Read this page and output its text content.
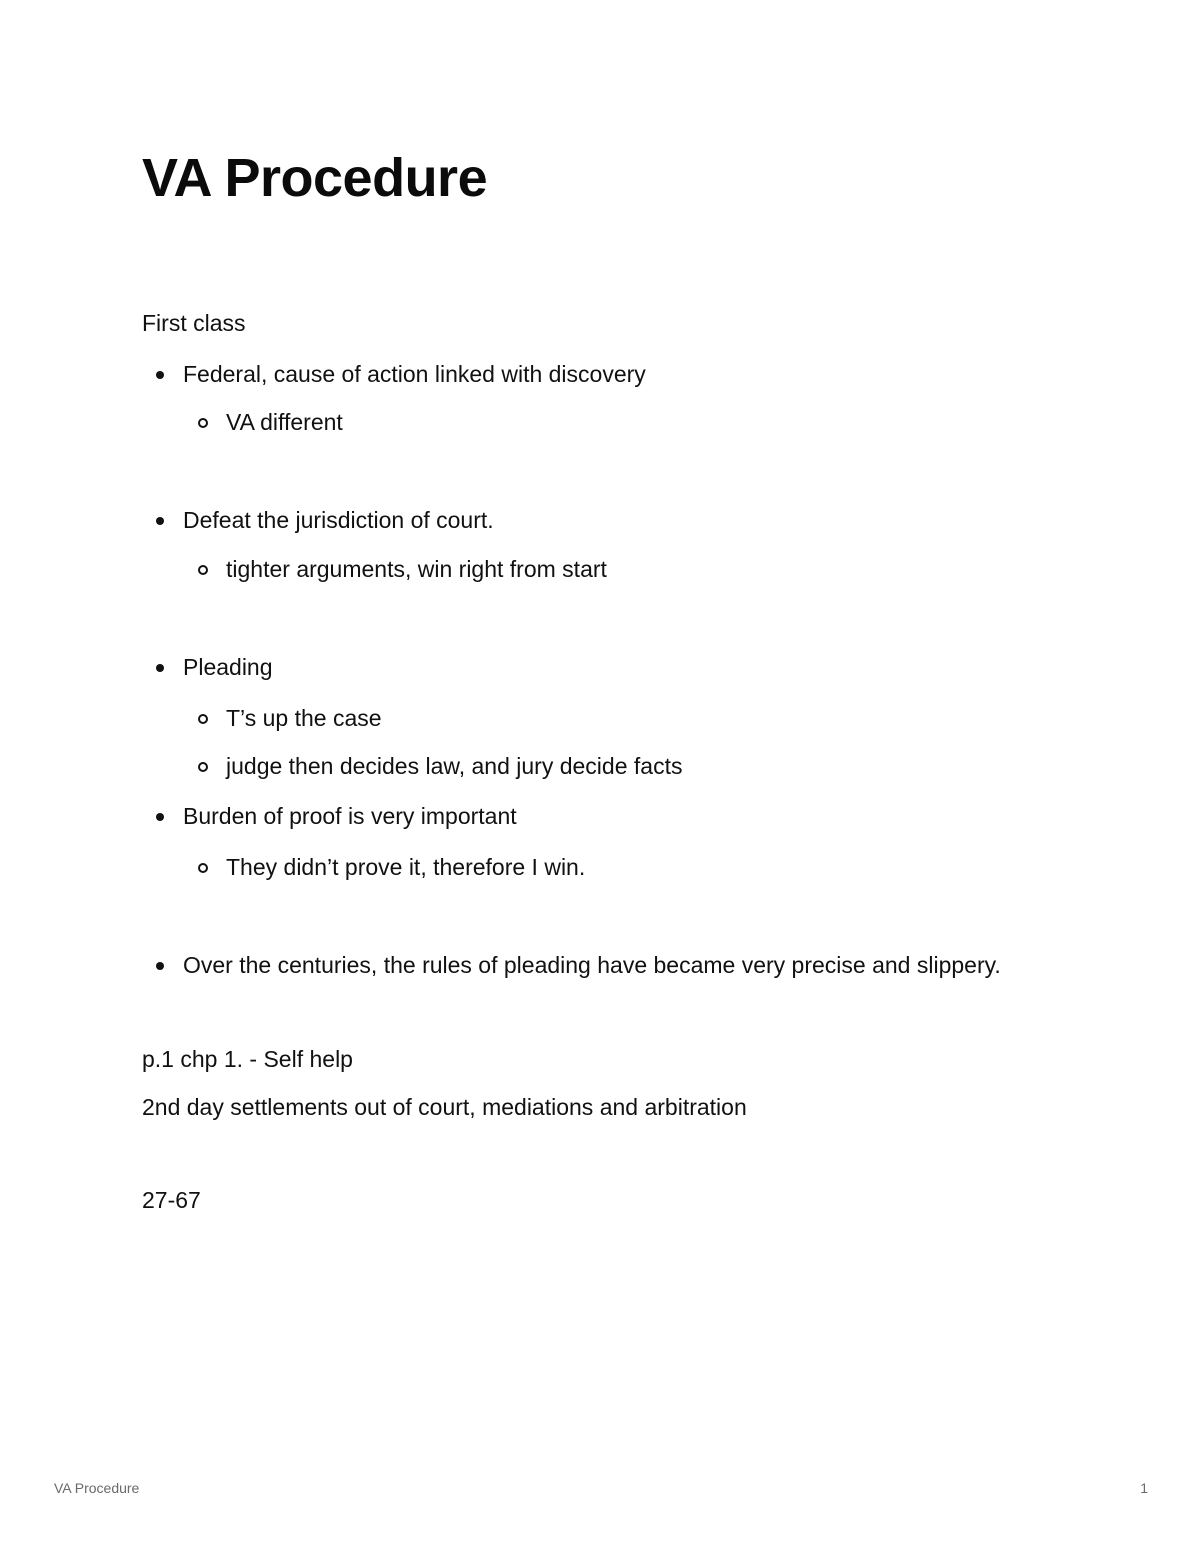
VA Procedure

First class

Federal, cause of action linked with discovery
VA different
Defeat the jurisdiction of court.
tighter arguments, win right from start
Pleading
T’s up the case
judge then decides law, and jury decide facts
Burden of proof is very important
They didn’t prove it, therefore I win.
Over the centuries, the rules of pleading have became very precise and slippery.

p.1 chp 1. - Self help

2nd day settlements out of court, mediations and arbitration

27-67

VA Procedure	1
